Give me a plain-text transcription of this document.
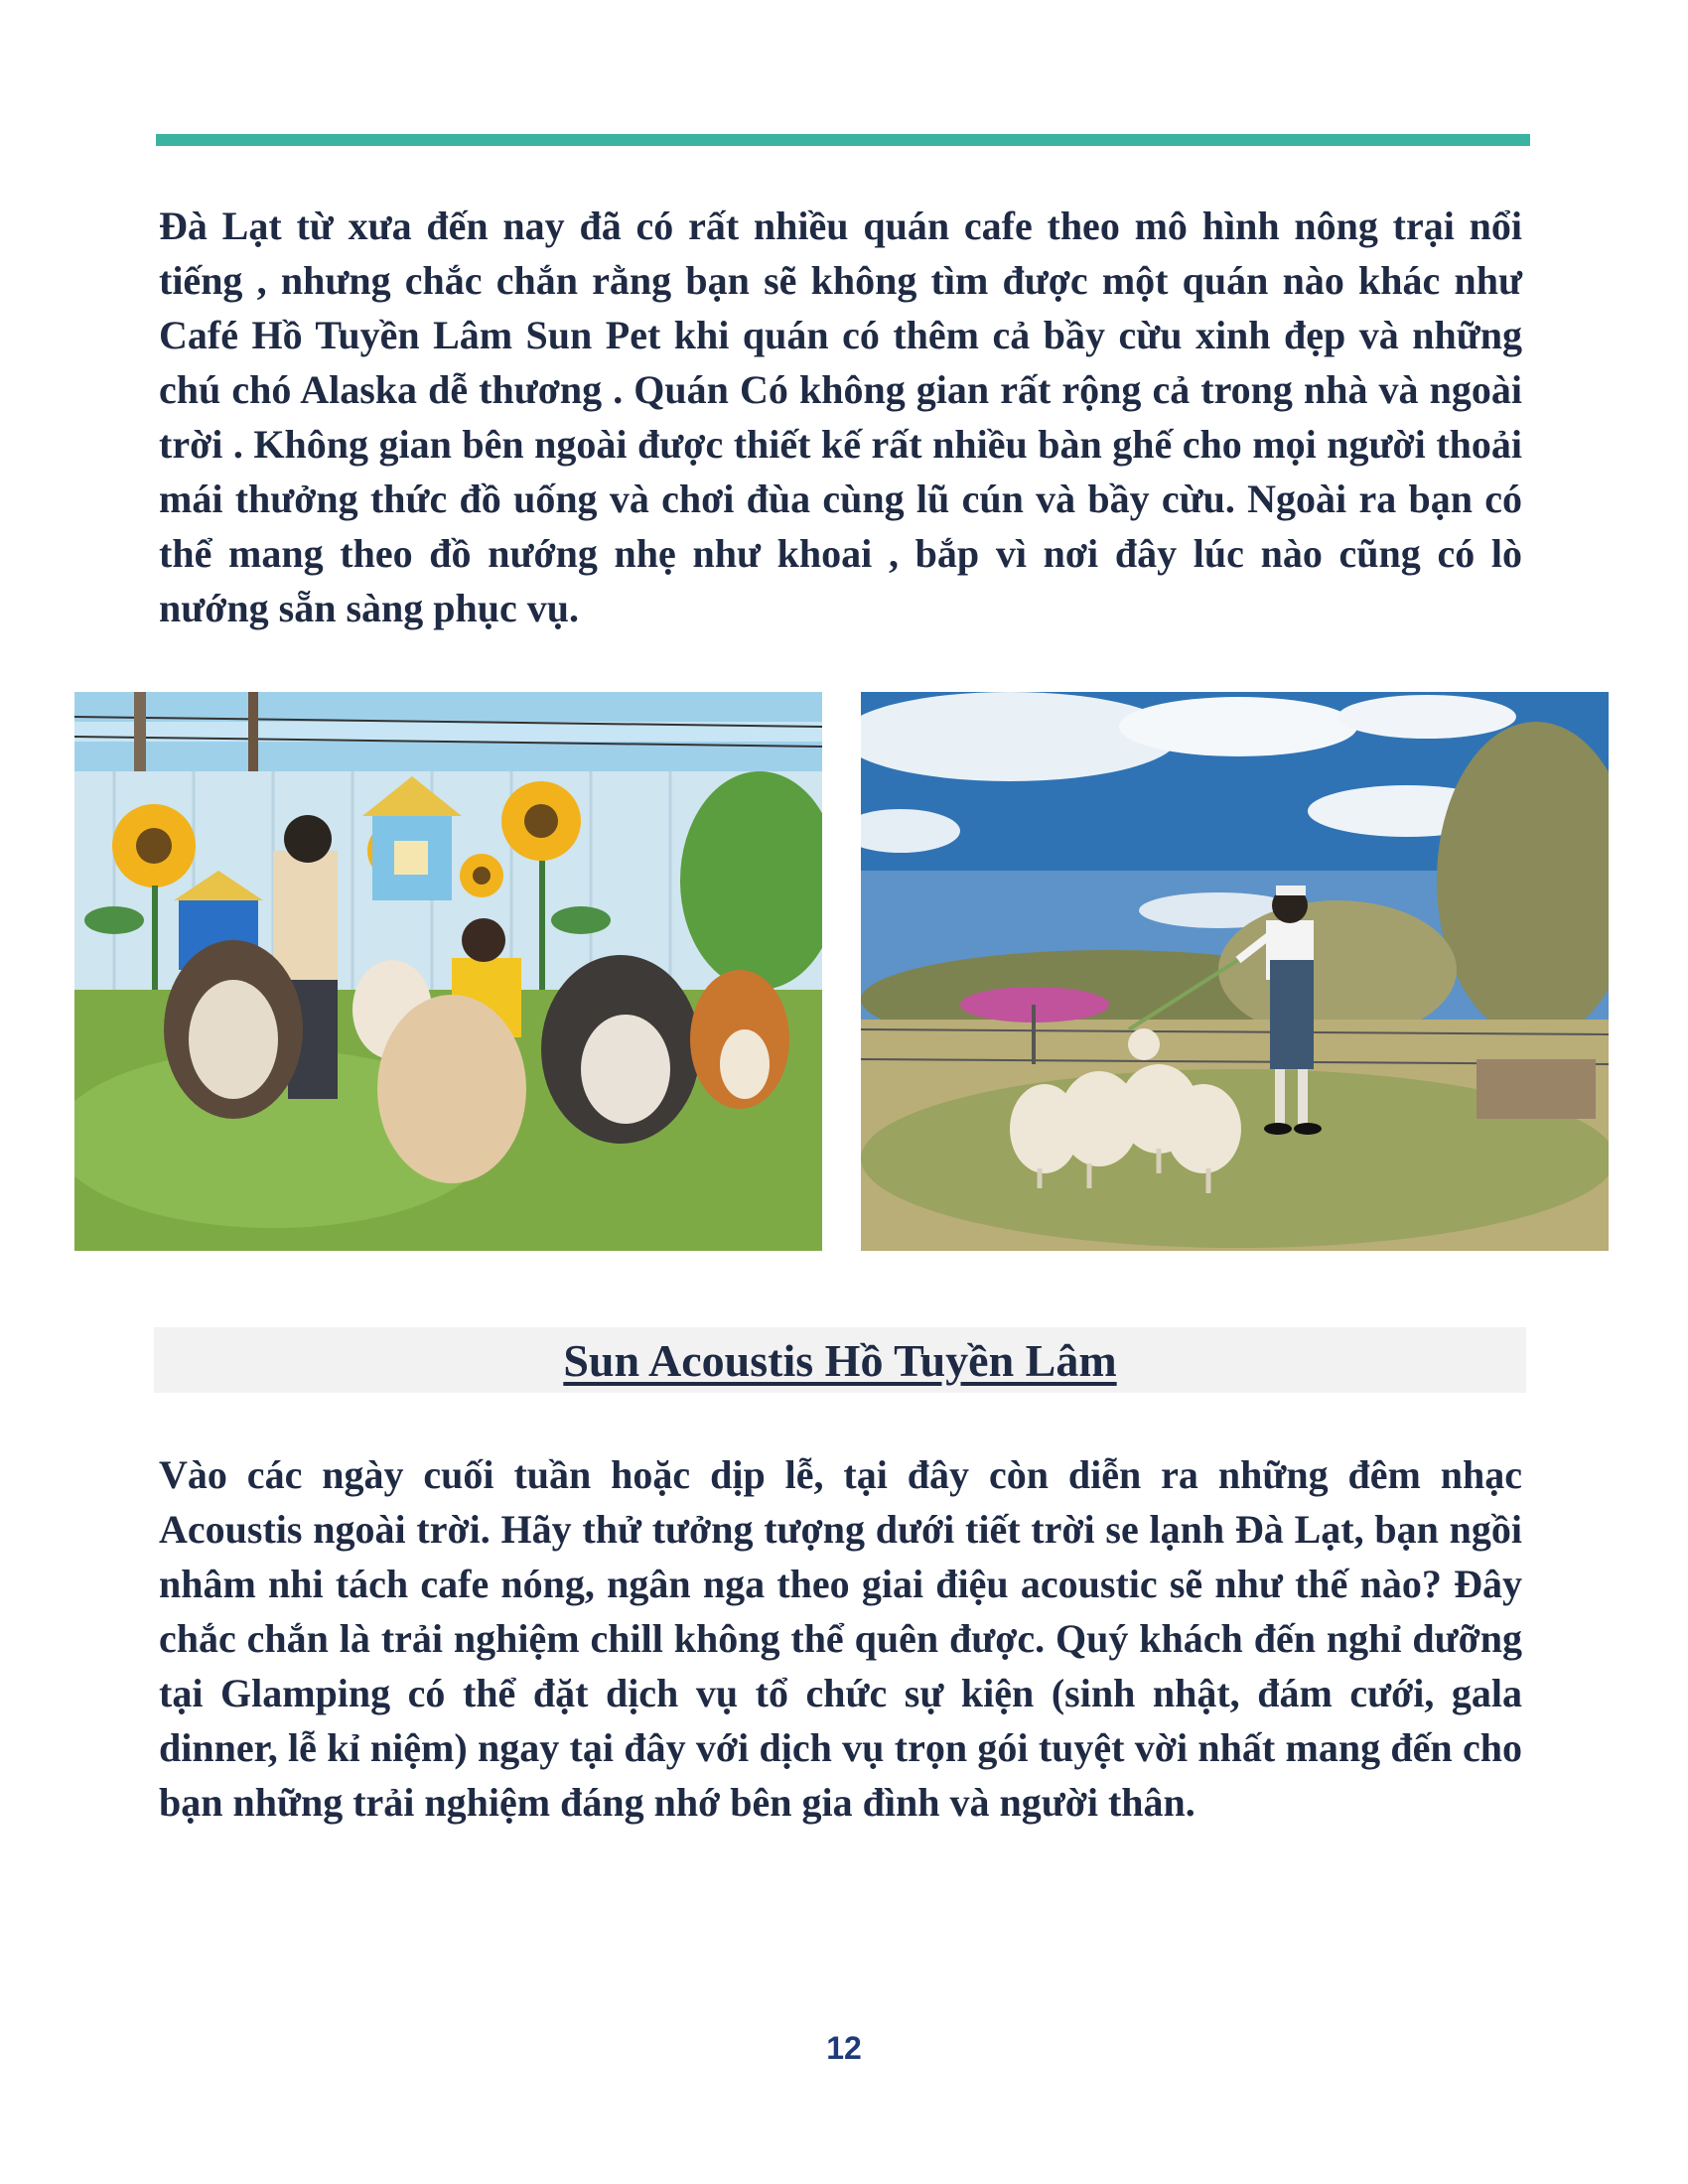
Đà Lạt từ xưa đến nay đã có rất nhiều quán cafe theo mô hình nông trại nổi tiếng , nhưng chắc chắn rằng bạn sẽ không tìm được một quán nào khác như Café Hồ Tuyền Lâm Sun Pet khi quán có thêm cả bầy cừu xinh đẹp và những chú chó Alaska dễ thương . Quán Có không gian rất rộng cả trong nhà và ngoài trời . Không gian bên ngoài được thiết kế rất nhiều bàn ghế cho mọi người thoải mái thưởng thức đồ uống và chơi đùa cùng lũ cún và bầy cừu. Ngoài ra bạn có thể mang theo đồ nướng nhẹ như khoai , bắp vì nơi đây lúc nào cũng có lò nướng sẵn sàng phục vụ.

Sun Acoustis Hồ Tuyền Lâm

Vào các ngày cuối tuần hoặc dịp lễ, tại đây còn diễn ra những đêm nhạc Acoustis ngoài trời. Hãy thử tưởng tượng dưới tiết trời se lạnh Đà Lạt, bạn ngồi nhâm nhi tách cafe nóng, ngân nga theo giai điệu acoustic sẽ như thế nào? Đây chắc chắn là trải nghiệm chill không thể quên được. Quý khách đến nghỉ dưỡng tại Glamping có thể đặt dịch vụ tổ chức sự kiện (sinh nhật, đám cưới, gala dinner, lễ kỉ niệm) ngay tại đây với dịch vụ trọn gói tuyệt vời nhất mang đến cho bạn những trải nghiệm đáng nhớ bên gia đình và người thân.

12
